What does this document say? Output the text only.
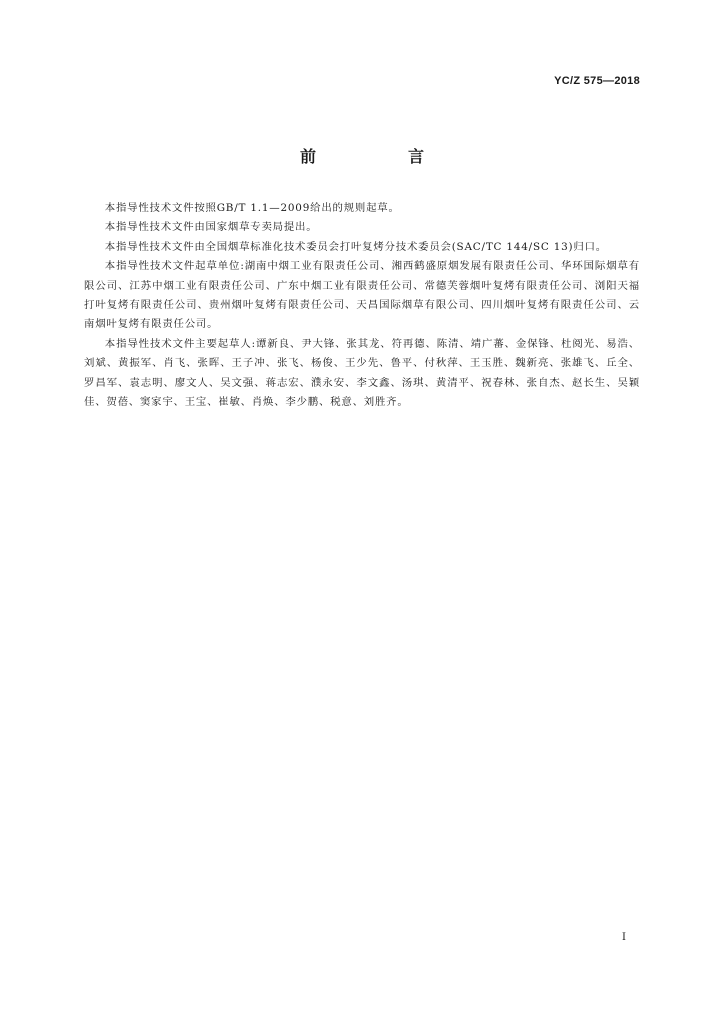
YC/Z 575—2018
前　言

本指导性技术文件按照GB/T 1.1—2009给出的规则起草。

本指导性技术文件由国家烟草专卖局提出。

本指导性技术文件由全国烟草标准化技术委员会打叶复烤分技术委员会(SAC/TC 144/SC 13)归口。

本指导性技术文件起草单位:湖南中烟工业有限责任公司、湘西鹤盛原烟发展有限责任公司、华环国际烟草有限公司、江苏中烟工业有限责任公司、广东中烟工业有限责任公司、常德芙蓉烟叶复烤有限责任公司、浏阳天福打叶复烤有限责任公司、贵州烟叶复烤有限责任公司、天昌国际烟草有限公司、四川烟叶复烤有限责任公司、云南烟叶复烤有限责任公司。

本指导性技术文件主要起草人:谭新良、尹大锋、张其龙、符再德、陈清、靖广蕃、金保锋、杜阅光、易浩、刘斌、黄振军、肖飞、张晖、王子冲、张飞、杨俊、王少先、鲁平、付秋萍、王玉胜、魏新亮、张雄飞、丘全、罗昌军、袁志明、廖文人、吴文强、蒋志宏、濮永安、李文鑫、汤琪、黄清平、祝春林、张自杰、赵长生、吴颖佳、贺蓓、窦家宇、王宝、崔敏、肖焕、李少鹏、税意、刘胜齐。

I
